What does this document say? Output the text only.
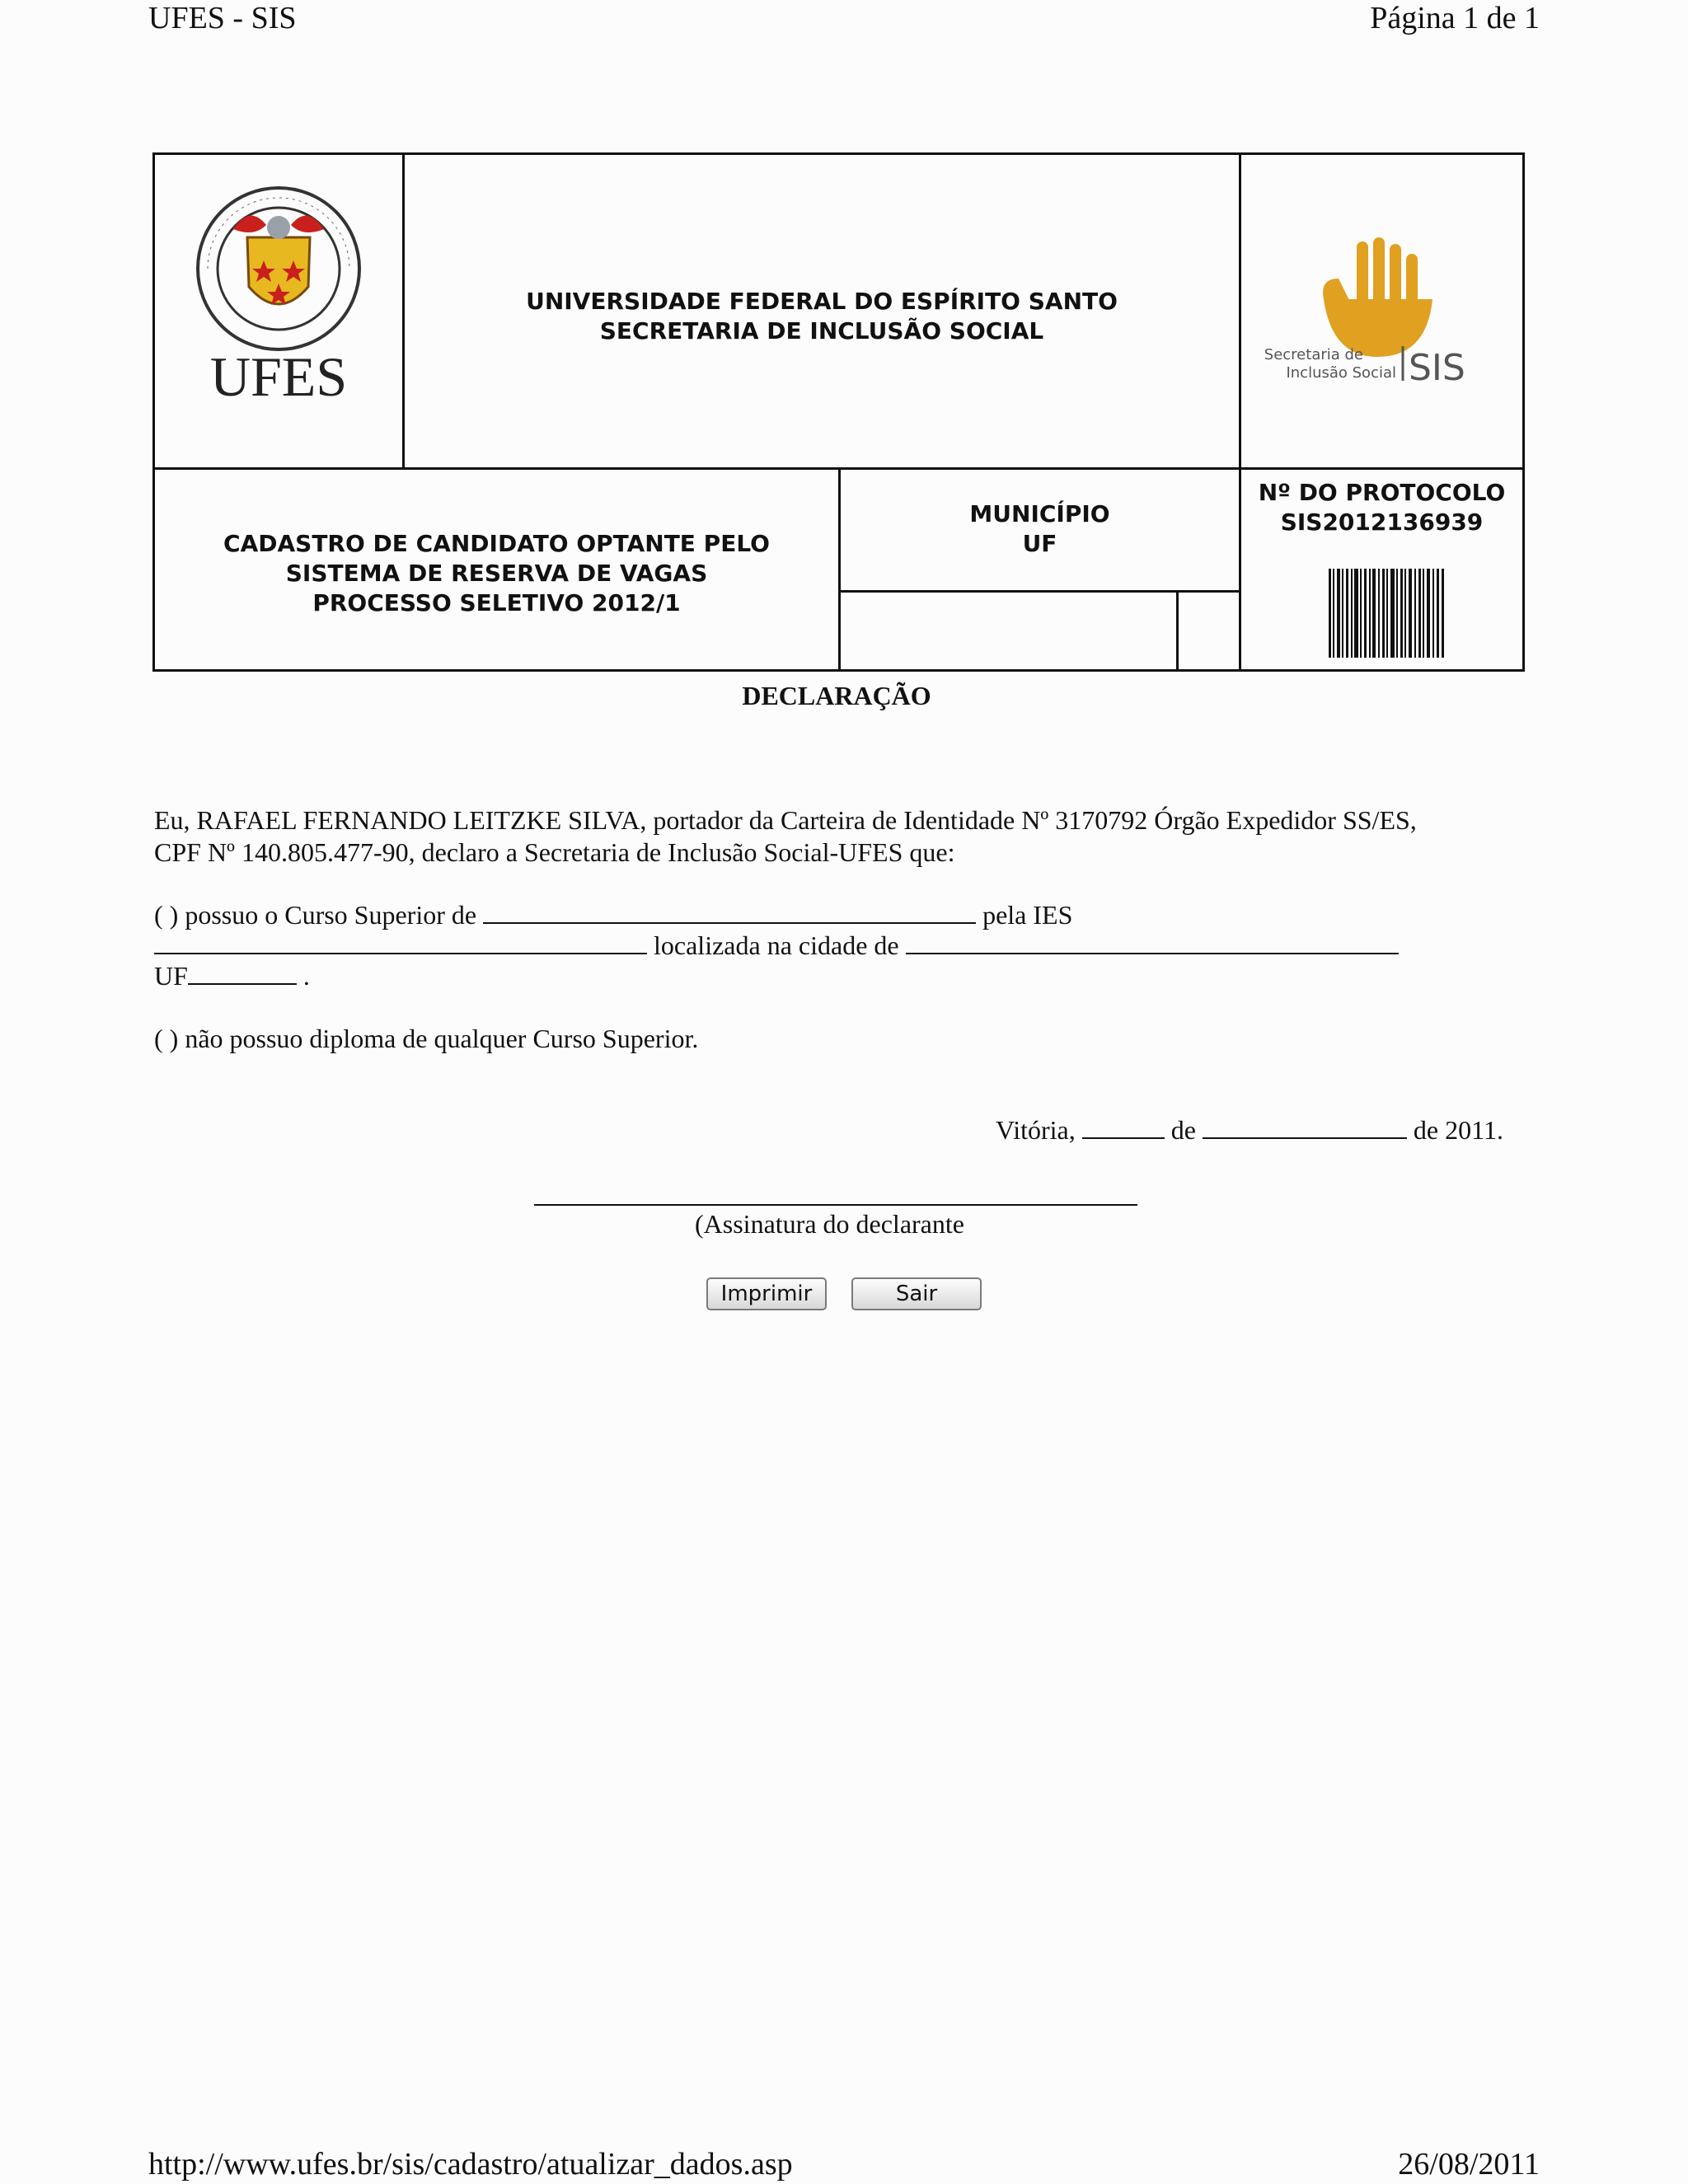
UFES - SIS	Página 1 de 1
http://www.ufes.br/sis/cadastro/atualizar_dados.asp	26/08/2011
UFES
UNIVERSIDADE FEDERAL DO ESPÍRITO SANTO
SECRETARIA DE INCLUSÃO SOCIAL
Secretaria de
Inclusão Social SIS
CADASTRO DE CANDIDATO OPTANTE PELO
SISTEMA DE RESERVA DE VAGAS
PROCESSO SELETIVO 2012/1
MUNICÍPIO
UF
Nº DO PROTOCOLO
SIS2012136939
DECLARAÇÃO
Eu, RAFAEL FERNANDO LEITZKE SILVA, portador da Carteira de Identidade Nº 3170792 Órgão Expedidor SS/ES,
CPF Nº 140.805.477-90, declaro a Secretaria de Inclusão Social-UFES que:
( ) possuo o Curso Superior de	pela IES
localizada na cidade de
UF	.
( ) não possuo diploma de qualquer Curso Superior.
Vitória,	de	de 2011.
(Assinatura do declarante
Imprimir	Sair
